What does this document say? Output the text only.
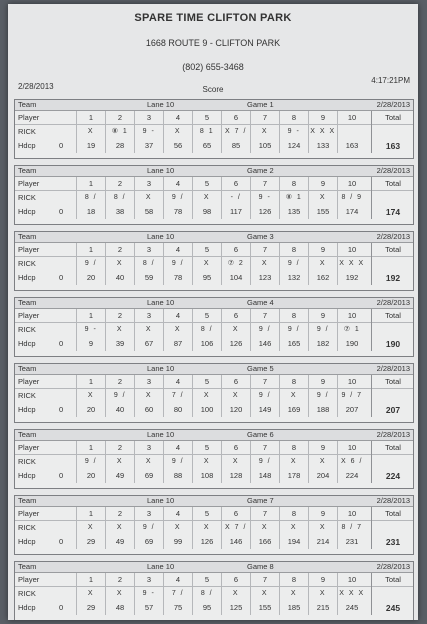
SPARE TIME CLIFTON PARK
1668 ROUTE 9 - CLIFTON PARK
(802) 655-3468
2/28/2013	Score
4:17:21PM
Team	Lane 10	Game 1	2/28/2013
Player	1	2	3	4	5	6	7	8	9	10	Total
RICK	X	⑧ 1	9 -	X	8 1	X 7 /	X	9 -	X X X
Hdcp	0	19	28	37	56	65	85	105	124	133	163	163
Team	Lane 10	Game 2	2/28/2013
Player	1	2	3	4	5	6	7	8	9	10	Total
RICK	8 /	8 /	X	9 /	X	- /	9 -	⑧ 1	X	8 / 9
Hdcp	0	18	38	58	78	98	117	126	135	155	174	174
Team	Lane 10	Game 3	2/28/2013
Player	1	2	3	4	5	6	7	8	9	10	Total
RICK	9 /	X	8 /	9 /	X	⑦ 2	X	9 /	X	X X X
Hdcp	0	20	40	59	78	95	104	123	132	162	192	192
Team	Lane 10	Game 4	2/28/2013
Player	1	2	3	4	5	6	7	8	9	10	Total
RICK	9 -	X	X	X	8 /	X	9 /	9 /	9 /	⑦ 1
Hdcp	0	9	39	67	87	106	126	146	165	182	190	190
Team	Lane 10	Game 5	2/28/2013
Player	1	2	3	4	5	6	7	8	9	10	Total
RICK	X	9 /	X	7 /	X	X	9 /	X	9 /	9 / 7
Hdcp	0	20	40	60	80	100	120	149	169	188	207	207
Team	Lane 10	Game 6	2/28/2013
Player	1	2	3	4	5	6	7	8	9	10	Total
RICK	9 /	X	X	9 /	X	X	9 /	X	X	X 6 /
Hdcp	0	20	49	69	88	108	128	148	178	204	224	224
Team	Lane 10	Game 7	2/28/2013
Player	1	2	3	4	5	6	7	8	9	10	Total
RICK	X	X	9 /	X	X	X 7 /	X	X	X	8 / 7
Hdcp	0	29	49	69	99	126	146	166	194	214	231	231
Team	Lane 10	Game 8	2/28/2013
Player	1	2	3	4	5	6	7	8	9	10	Total
RICK	X	X	9 -	7 /	8 /	X	X	X	X	X X X
Hdcp	0	29	48	57	75	95	125	155	185	215	245	245
